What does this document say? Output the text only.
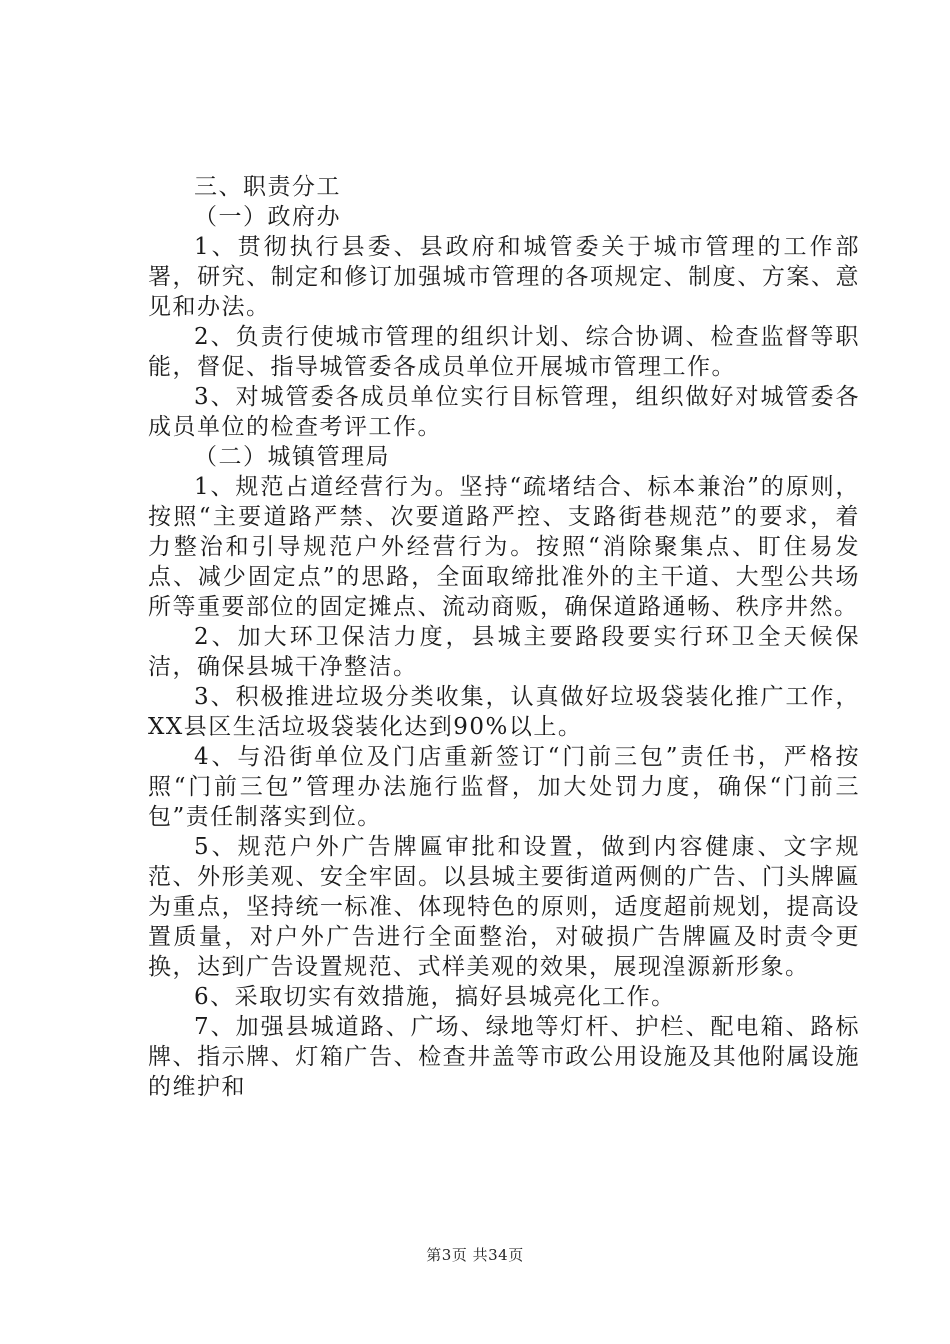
三、职责分工

（一）政府办

1、贯彻执行县委、县政府和城管委关于城市管理的工作部署，研究、制定和修订加强城市管理的各项规定、制度、方案、意见和办法。

2、负责行使城市管理的组织计划、综合协调、检查监督等职能，督促、指导城管委各成员单位开展城市管理工作。

3、对城管委各成员单位实行目标管理，组织做好对城管委各成员单位的检查考评工作。

（二）城镇管理局

1、规范占道经营行为。坚持“疏堵结合、标本兼治”的原则，按照“主要道路严禁、次要道路严控、支路街巷规范”的要求，着力整治和引导规范户外经营行为。按照“消除聚集点、盯住易发点、减少固定点”的思路，全面取缔批准外的主干道、大型公共场所等重要部位的固定摊点、流动商贩，确保道路通畅、秩序井然。

2、加大环卫保洁力度，县城主要路段要实行环卫全天候保洁，确保县城干净整洁。

3、积极推进垃圾分类收集，认真做好垃圾袋装化推广工作，XX县区生活垃圾袋装化达到90%以上。

4、与沿街单位及门店重新签订“门前三包”责任书，严格按照“门前三包”管理办法施行监督，加大处罚力度，确保“门前三包”责任制落实到位。

5、规范户外广告牌匾审批和设置，做到内容健康、文字规范、外形美观、安全牢固。以县城主要街道两侧的广告、门头牌匾为重点，坚持统一标准、体现特色的原则，适度超前规划，提高设置质量，对户外广告进行全面整治，对破损广告牌匾及时责令更换，达到广告设置规范、式样美观的效果，展现湟源新形象。

6、采取切实有效措施，搞好县城亮化工作。

7、加强县城道路、广场、绿地等灯杆、护栏、配电箱、路标牌、指示牌、灯箱广告、检查井盖等市政公用设施及其他附属设施的维护和

第3页 共34页
